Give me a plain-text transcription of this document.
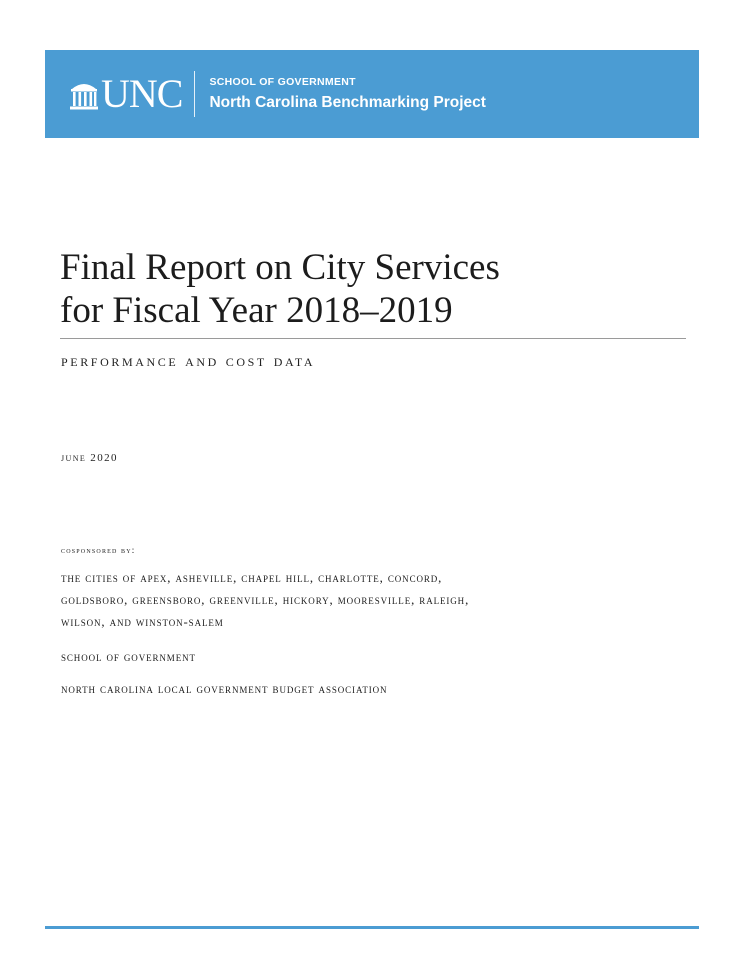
UNC	SCHOOL OF GOVERNMENT
North Carolina Benchmarking Project
Final Report on City Services
for Fiscal Year 2018–2019
performance and cost data
june 2020
cosponsored by:
the cities of apex, asheville, chapel hill, charlotte, concord,
goldsboro, greensboro, greenville, hickory, mooresville, raleigh,
wilson, and winston-salem
school of government
north carolina local government budget association
